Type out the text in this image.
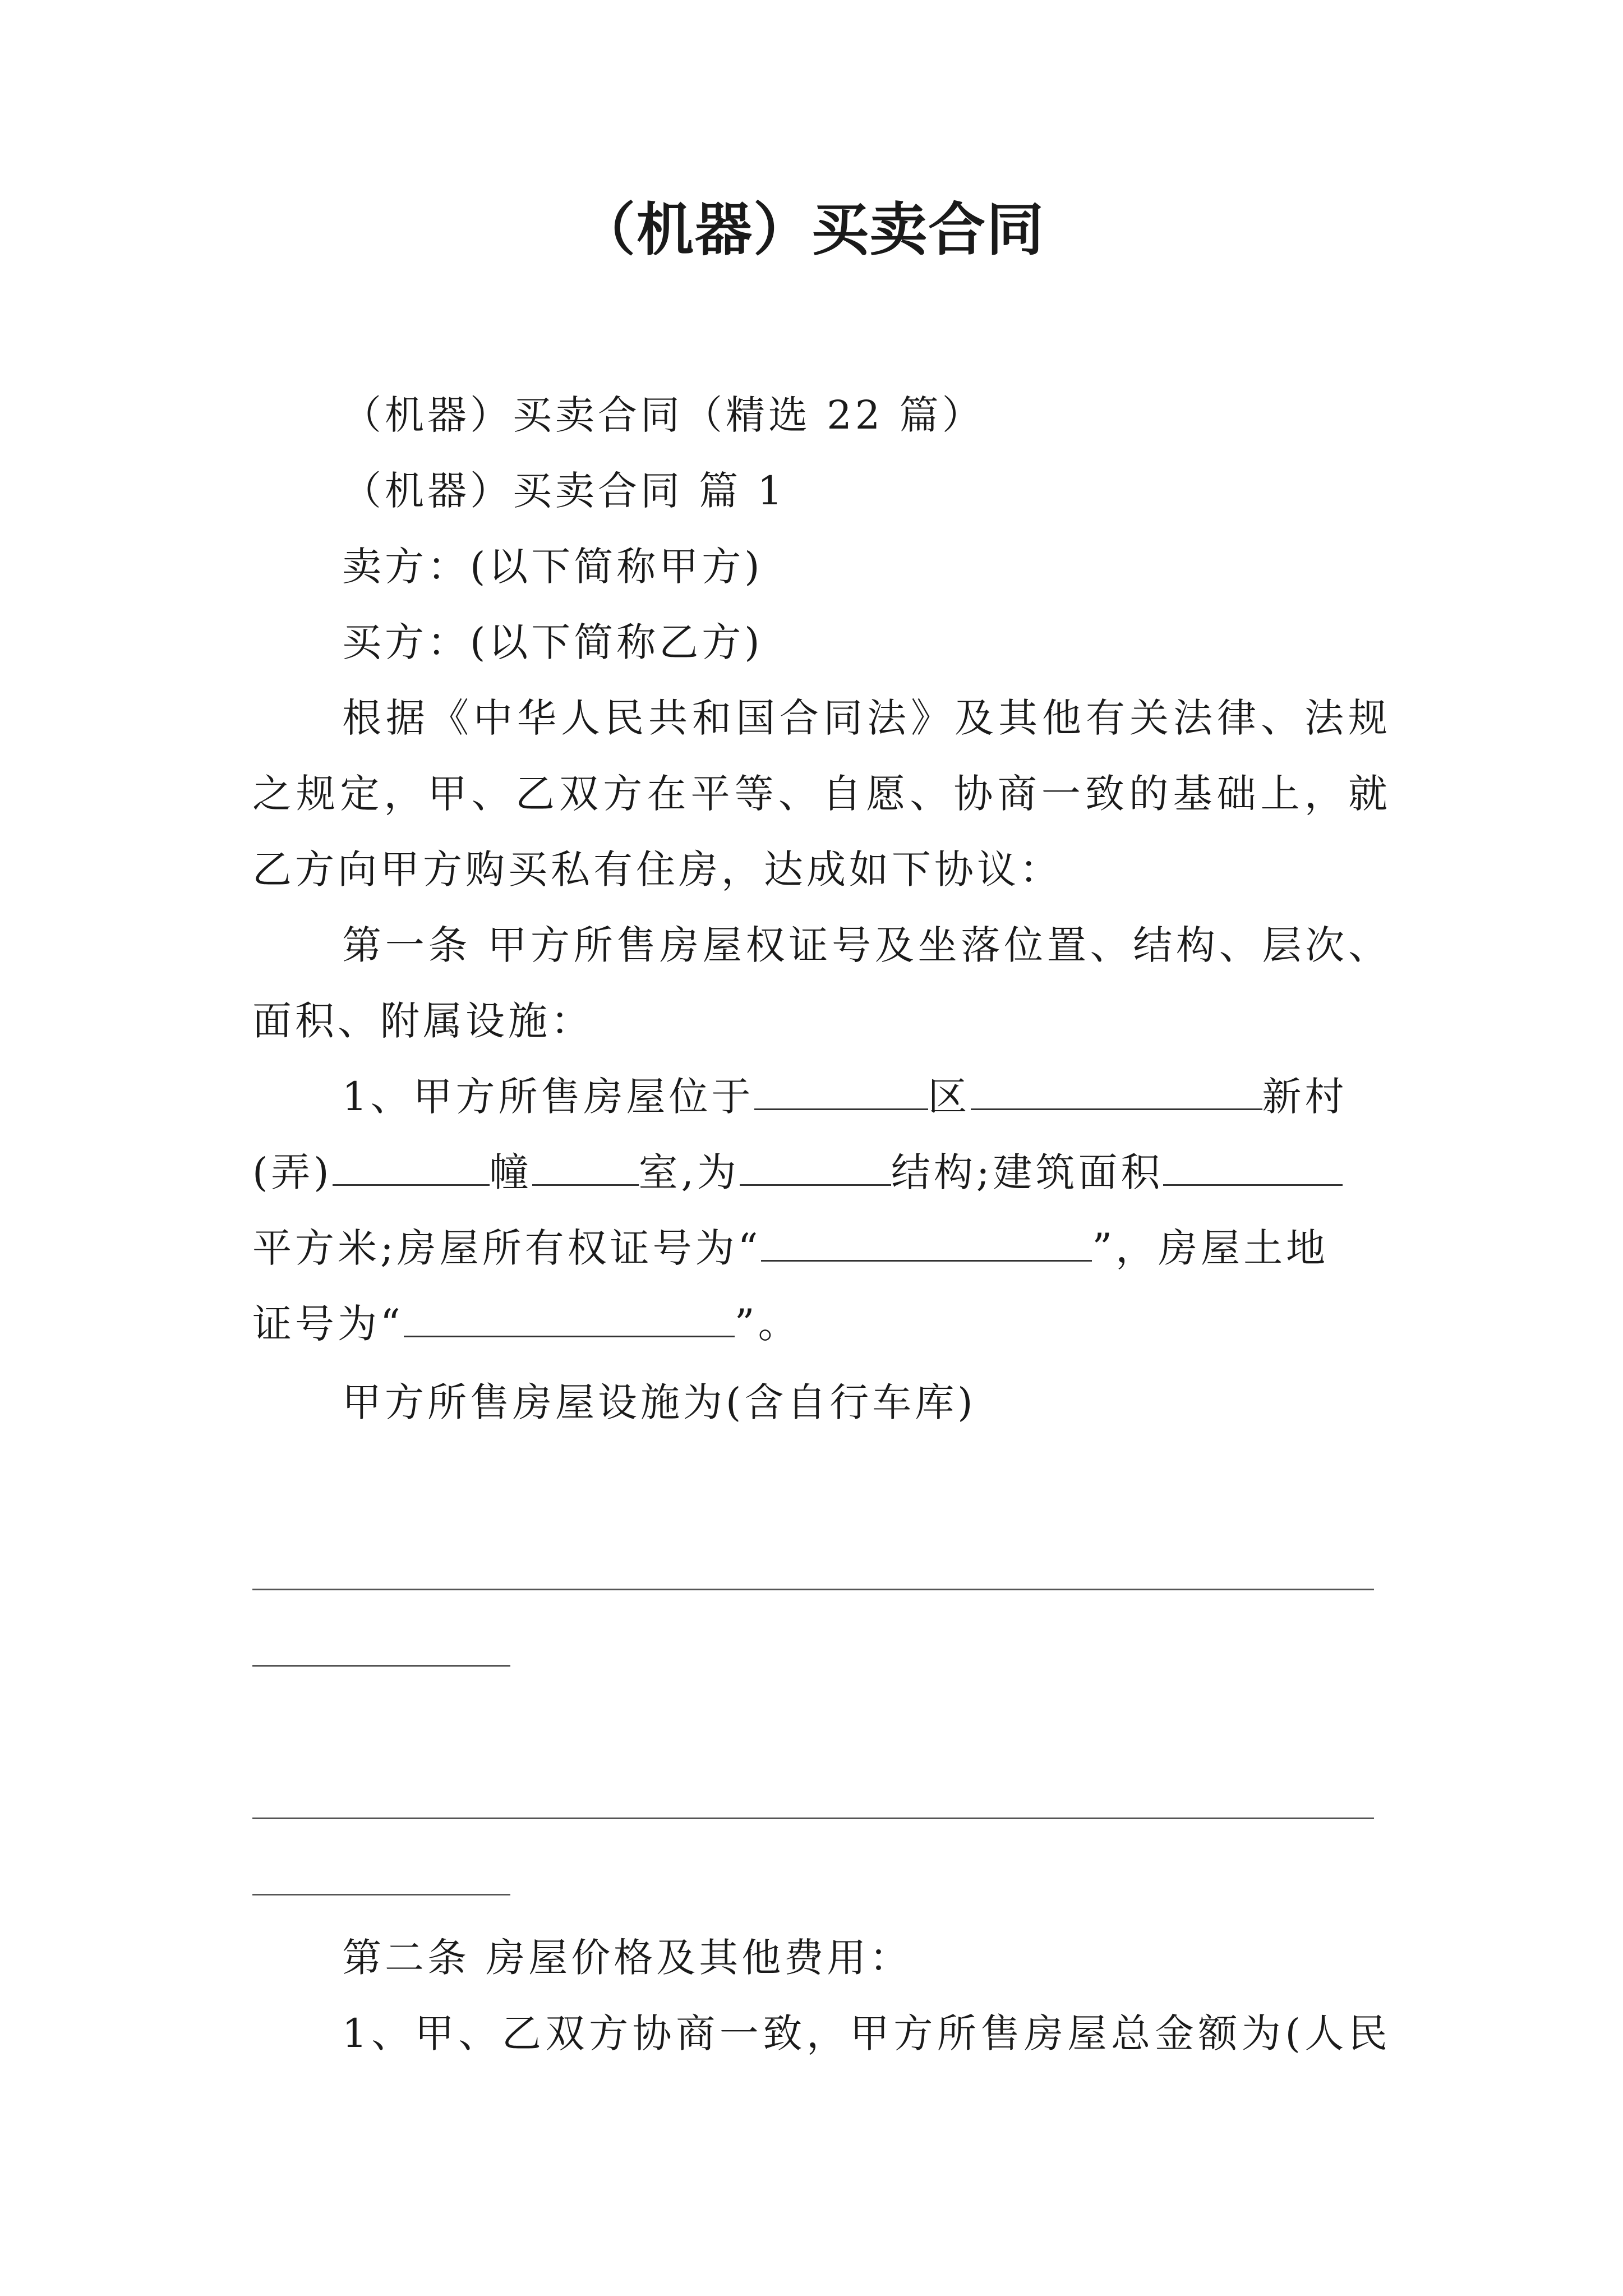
（机器）买卖合同
（机器）买卖合同（精选 22 篇）
（机器）买卖合同 篇 1
卖方：(以下简称甲方)
买方：(以下简称乙方)
根据《中华人民共和国合同法》及其他有关法律、法规
之规定，甲、乙双方在平等、自愿、协商一致的基础上，就
乙方向甲方购买私有住房，达成如下协议：
第一条 甲方所售房屋权证号及坐落位置、结构、层次、
面积、附属设施：
1、甲方所售房屋位于	区	新村
(弄)	幢	室,为	结构;建筑面积
平方米;房屋所有权证号为“	”，房屋土地
证号为“	”。
甲方所售房屋设施为(含自行车库)
第二条 房屋价格及其他费用：
1、甲、乙双方协商一致，甲方所售房屋总金额为(人民
